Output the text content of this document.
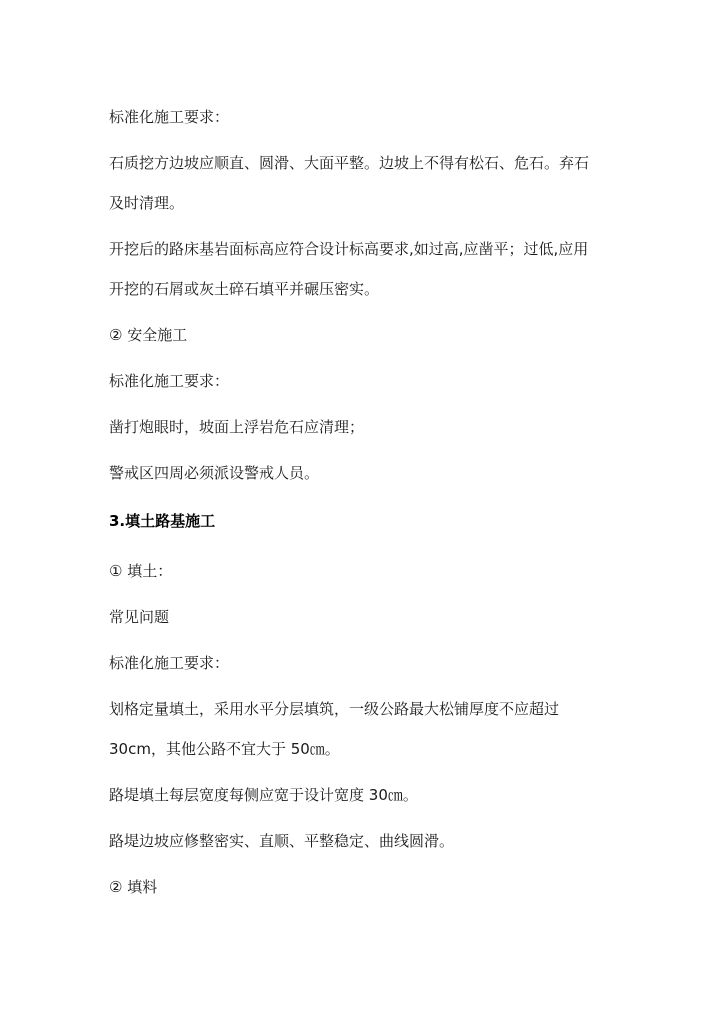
标准化施工要求：

石质挖方边坡应顺直、圆滑、大面平整。边坡上不得有松石、危石。弃石

及时清理。

开挖后的路床基岩面标高应符合设计标高要求,如过高,应凿平；过低,应用

开挖的石屑或灰土碎石填平并碾压密实。

② 安全施工

标准化施工要求：

凿打炮眼时，坡面上浮岩危石应清理；

警戒区四周必须派设警戒人员。

3.填土路基施工

① 填土：

常见问题

标准化施工要求：

划格定量填土，采用水平分层填筑，一级公路最大松铺厚度不应超过

30cm，其他公路不宜大于 50㎝。

路堤填土每层宽度每侧应宽于设计宽度 30㎝。

路堤边坡应修整密实、直顺、平整稳定、曲线圆滑。

② 填料
